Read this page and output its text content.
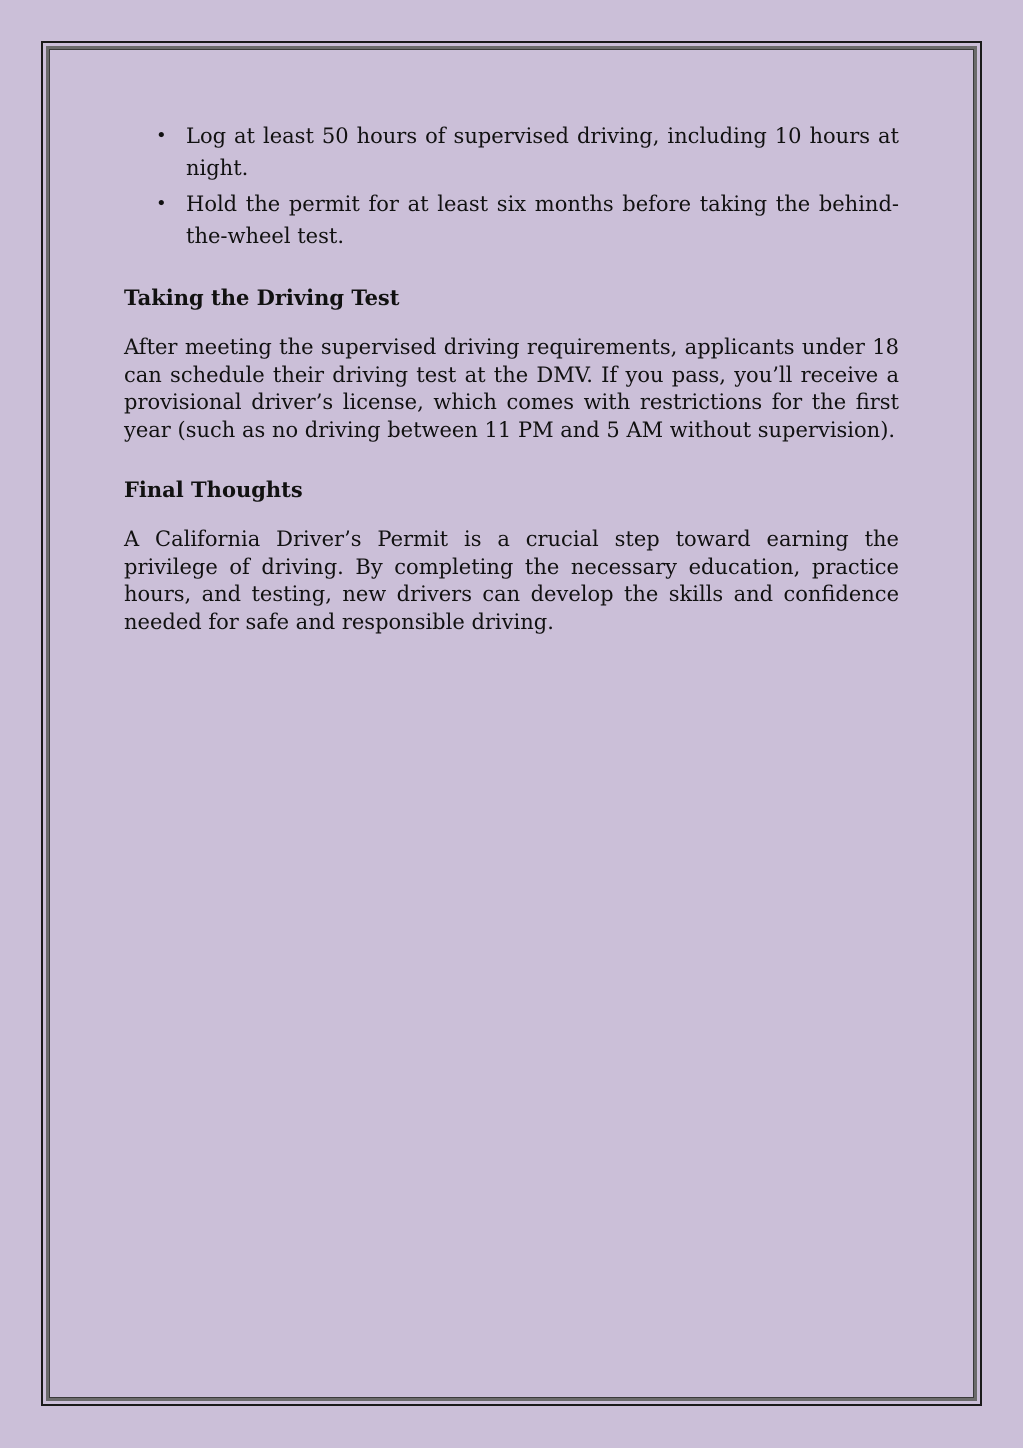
• Log at least 50 hours of supervised driving, including 10 hours at night.
• Hold the permit for at least six months before taking the behind-the-wheel test.
Taking the Driving Test

After meeting the supervised driving requirements, applicants under 18 can schedule their driving test at the DMV. If you pass, you’ll receive a provisional driver’s license, which comes with restrictions for the first year (such as no driving between 11 PM and 5 AM without supervision).

Final Thoughts

A California Driver’s Permit is a crucial step toward earning the privilege of driving. By completing the necessary education, practice hours, and testing, new drivers can develop the skills and confidence needed for safe and responsible driving.
